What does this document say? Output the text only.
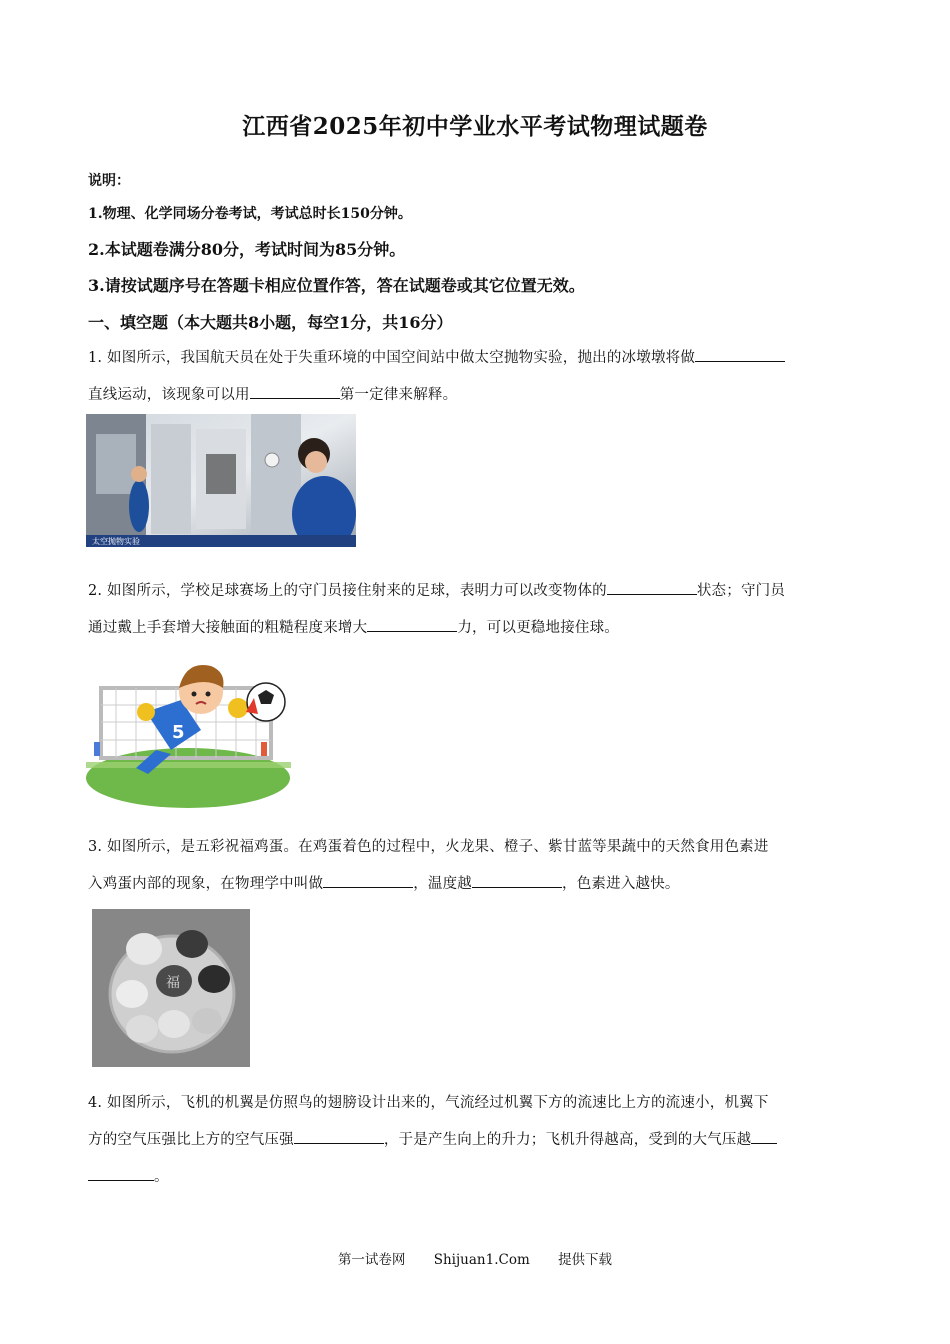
江西省2025年初中学业水平考试物理试题卷
说明：
1.物理、化学同场分卷考试，考试总时长150分钟。
2.本试题卷满分80分，考试时间为85分钟。
3.请按试题序号在答题卡相应位置作答，答在试题卷或其它位置无效。
一、填空题（本大题共8小题，每空1分，共16分）
1. 如图所示，我国航天员在处于失重环境的中国空间站中做太空抛物实验，抛出的冰墩墩将做
直线运动，该现象可以用	第一定律来解释。
太空抛物实验
2. 如图所示，学校足球赛场上的守门员接住射来的足球，表明力可以改变物体的	状态；守门员
通过戴上手套增大接触面的粗糙程度来增大	力，可以更稳地接住球。
5
3. 如图所示，是五彩祝福鸡蛋。在鸡蛋着色的过程中，火龙果、橙子、紫甘蓝等果蔬中的天然食用色素进
入鸡蛋内部的现象，在物理学中叫做	，温度越	，色素进入越快。
福
4. 如图所示，飞机的机翼是仿照鸟的翅膀设计出来的，气流经过机翼下方的流速比上方的流速小，机翼下
方的空气压强比上方的空气压强	，于是产生向上的升力；飞机升得越高，受到的大气压越
。
第一试卷网 Shijuan1.Com 提供下载
